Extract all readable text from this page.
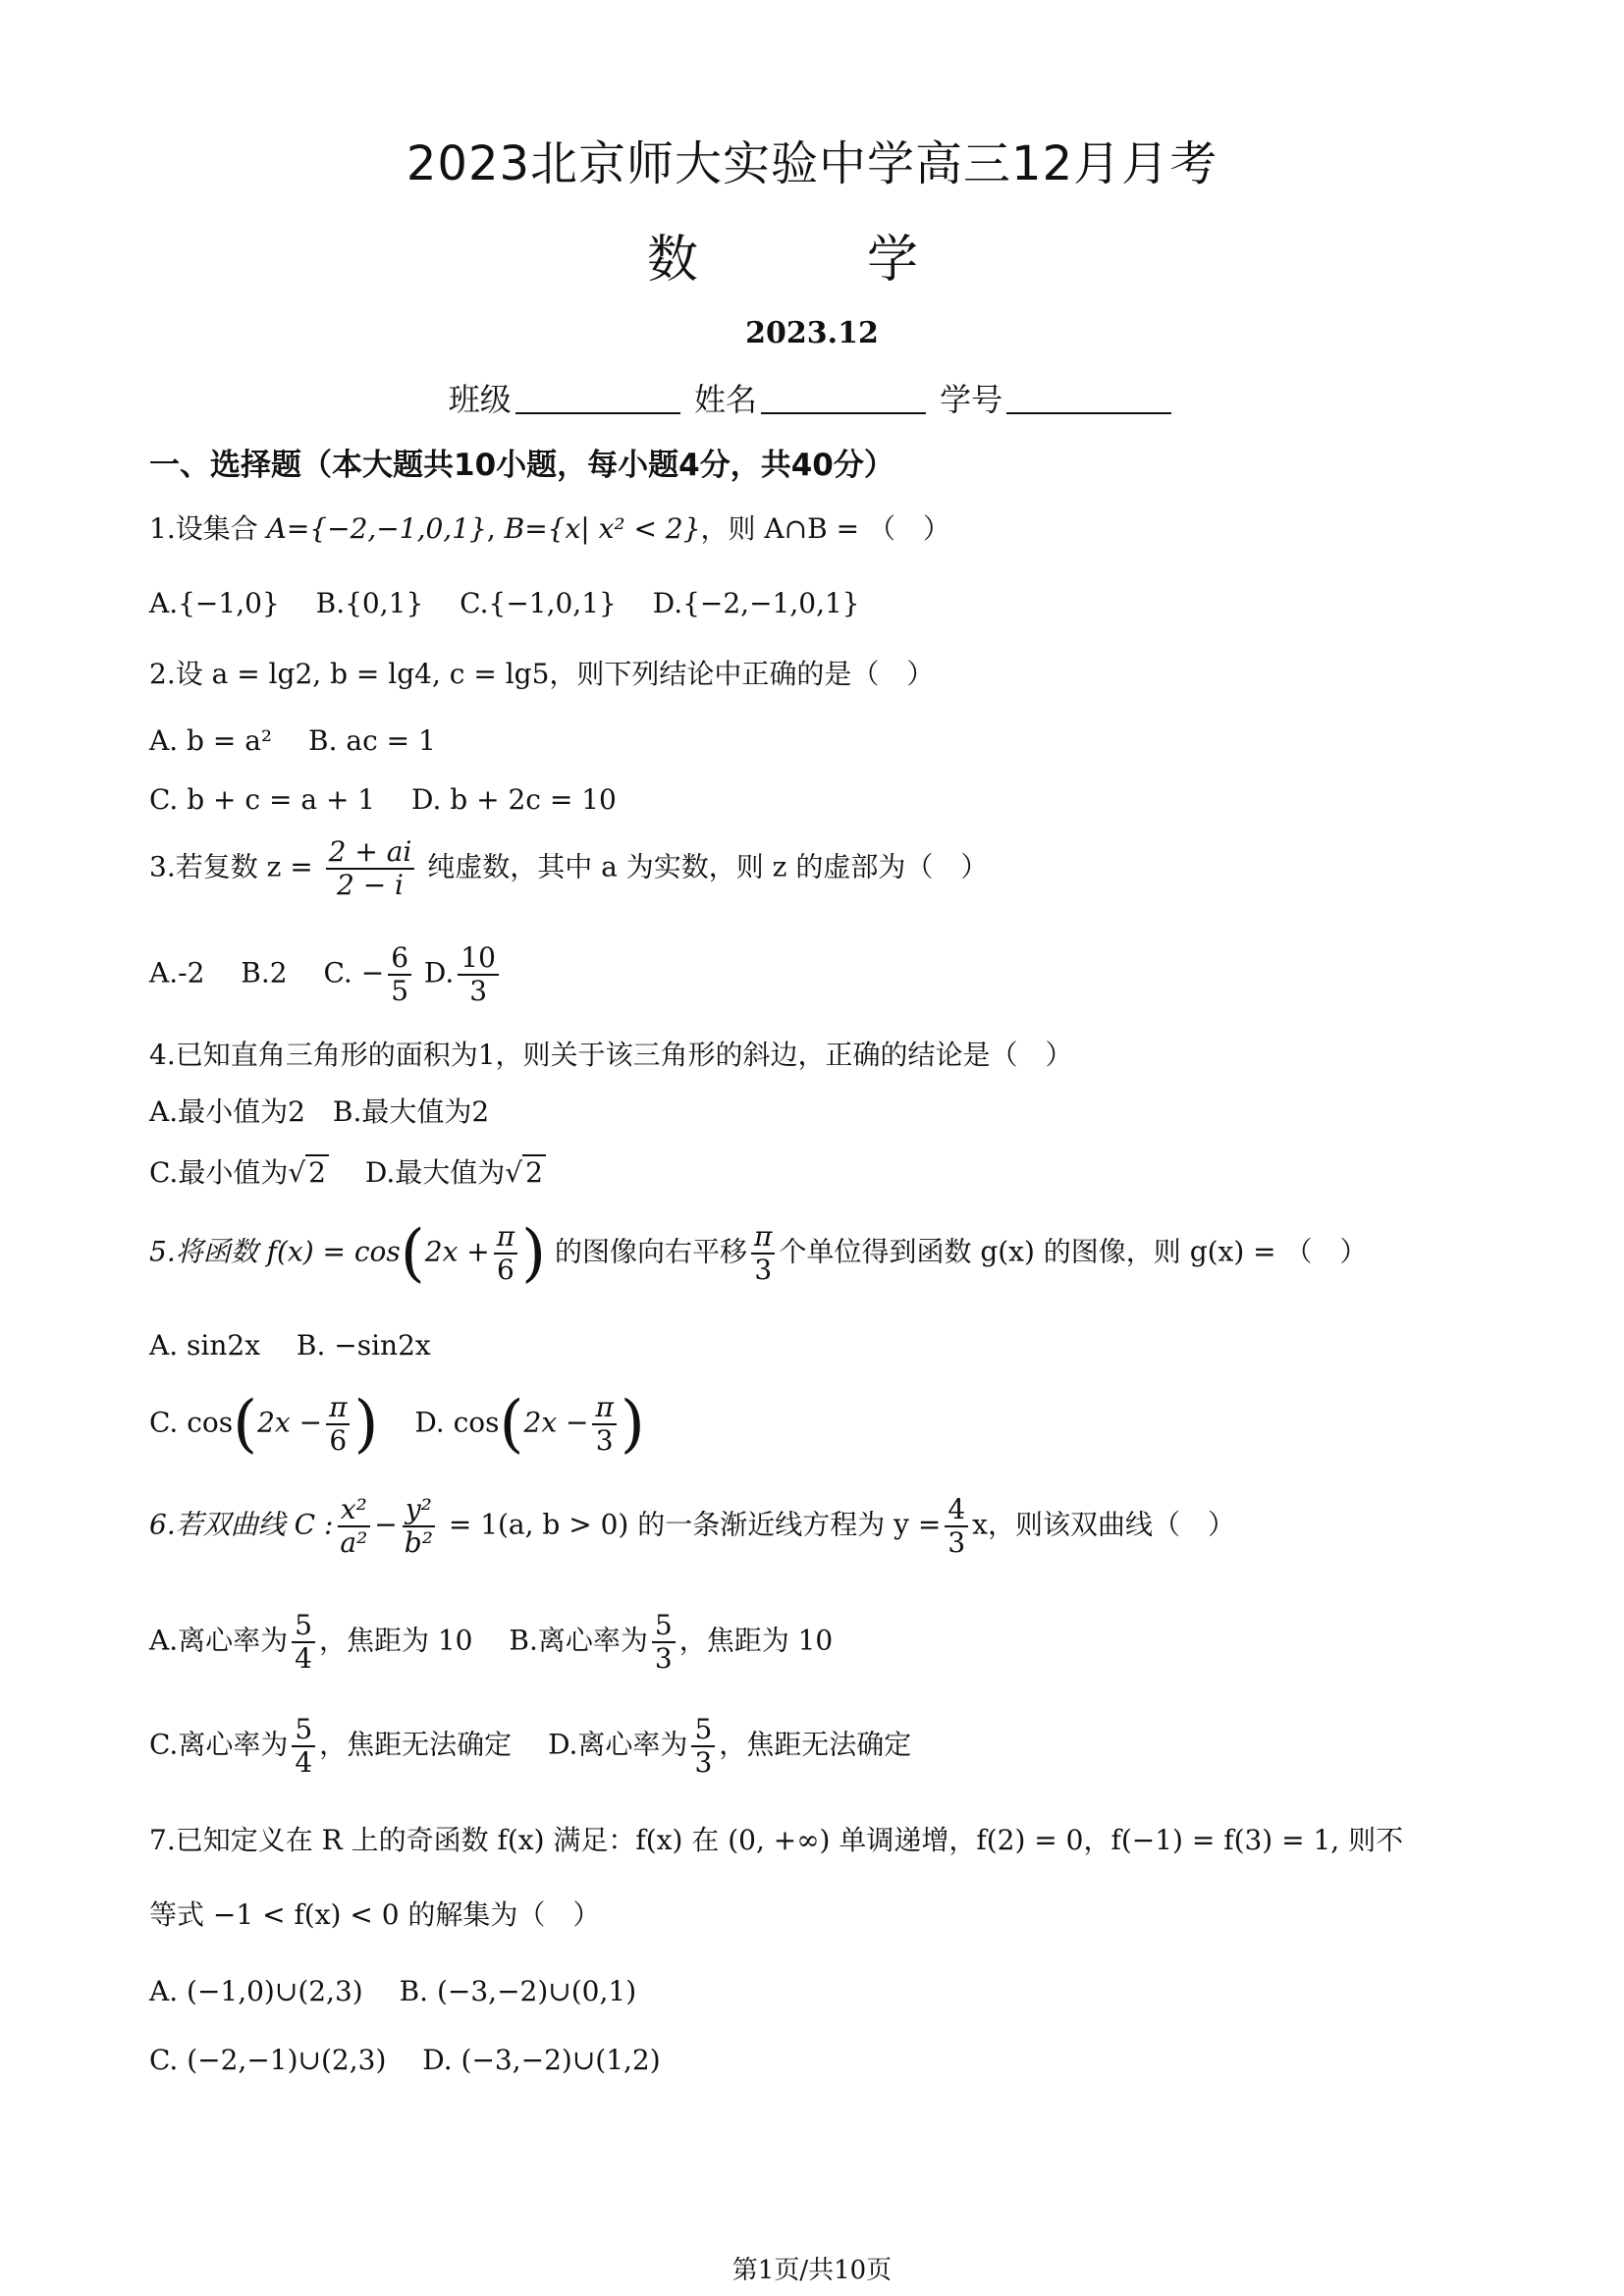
2023北京师大实验中学高三12月月考
数　学
2023.12
班级	姓名	学号
一、选择题（本大题共10小题，每小题4分，共40分）
1.设集合 A={−2,−1,0,1}, B={x| x² < 2}，则 A∩B = （　）
A.{−1,0}　 B.{0,1}　 C.{−1,0,1}　 D.{−2,−1,0,1}
2.设 a = lg2, b = lg4, c = lg5，则下列结论中正确的是（　）
A. b = a²　 B. ac = 1
C. b + c = a + 1　 D. b + 2c = 10
3.若复数 $z = \frac{2 + ai}{2 - i}$ 纯虚数，其中 a 为实数，则 z 的虚部为（　）
A.-2　 B.2　 C. − $\frac{6}{5} D$. $\frac{10}{3}$
4.已知直角三角形的面积为1，则关于该三角形的斜边，正确的结论是（　）
A.最小值为2　B.最大值为2
C.最小值为√ 2 　 D.最大值为√ 2
5.将函数 $f(x) = \cos(2x + \frac{\pi}{6}$ ) 的图像向右平移 $\frac{\pi}{3}$ 个单位得到函数 g(x) 的图像，则 g(x) = （　）
A. sin2x　 B. −sin2x
C. $\cos(2x - \frac{\pi}{6}$ ) 　 D. $\cos(2x - \frac{\pi}{3}$ )
6.若双曲线 C : $\frac{\text{x²}}{\text{a²}} - \frac{\text{y²}}{\text{b²}} = 1(a$, b > 0) 的一条渐近线方程为 $y = \frac{4}{3}$ x，则该双曲线（　）
A.离心率为 $\frac{5}{4}$ ，焦距为 10 　 B.离心率为 $\frac{5}{3}$ ，焦距为 10
C.离心率为 $\frac{5}{4}$ ，焦距无法确定 　 D.离心率为 $\frac{5}{3}$ ，焦距无法确定
7.已知定义在 R 上的奇函数 f(x) 满足：f(x) 在 (0, +∞) 单调递增，f(2) = 0，f(−1) = f(3) = 1, 则不
等式 −1 < f(x) < 0 的解集为（　）
A. (−1,0)∪(2,3)　 B. (−3,−2)∪(0,1)
C. (−2,−1)∪(2,3)　 D. (−3,−2)∪(1,2)
第1页/共10页
